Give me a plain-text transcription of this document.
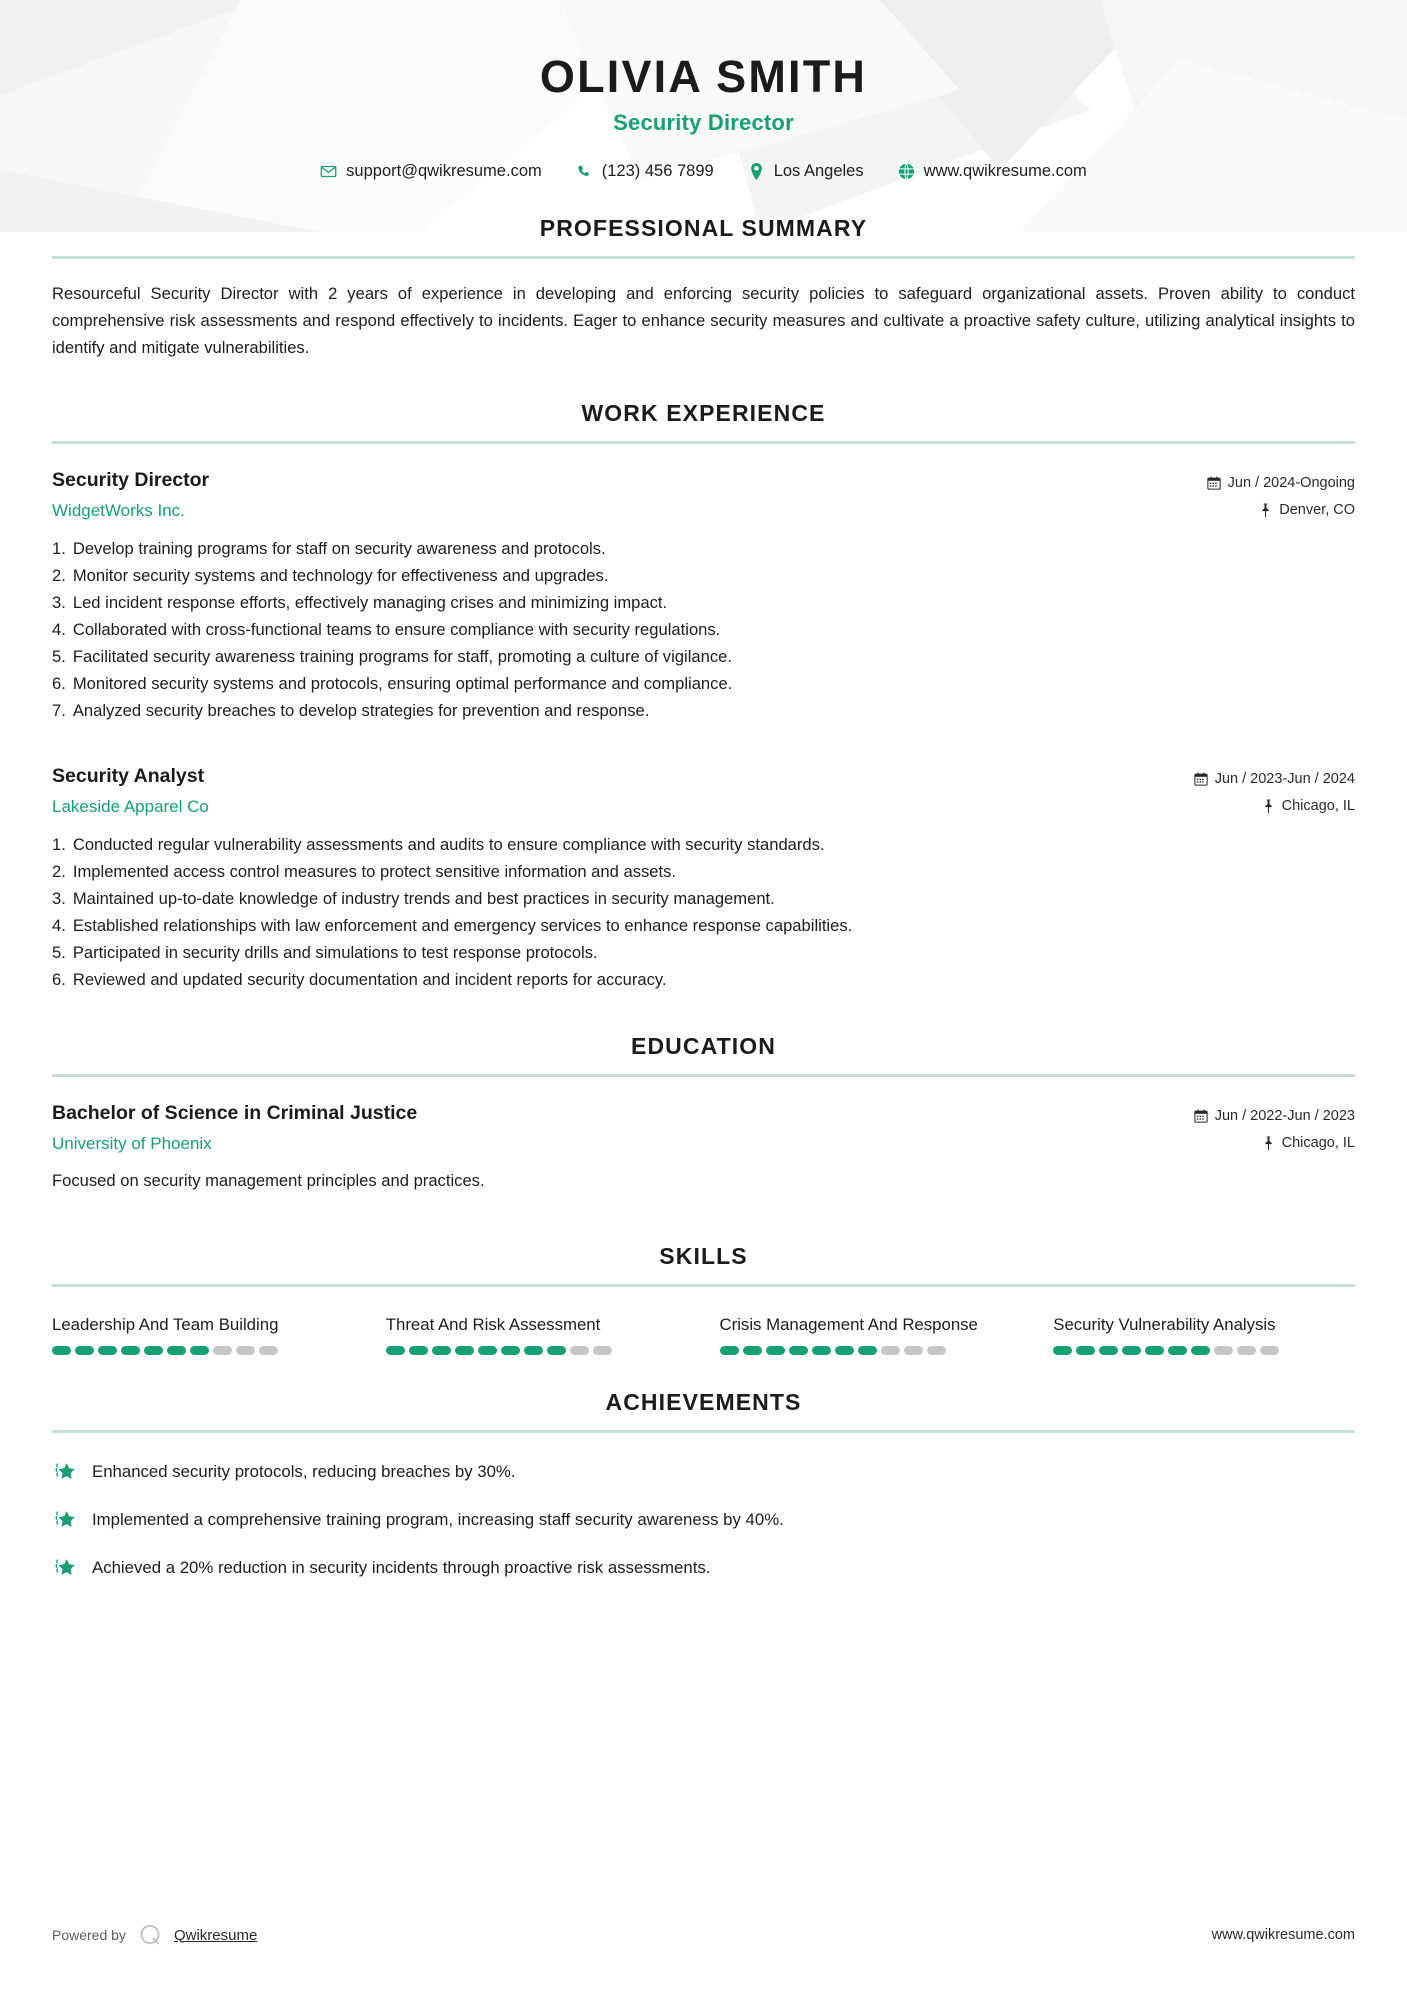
OLIVIA SMITH
Security Director
support@qwikresume.com	(123) 456 7899	Los Angeles	www.qwikresume.com
PROFESSIONAL SUMMARY
Resourceful Security Director with 2 years of experience in developing and enforcing security policies to safeguard organizational assets. Proven ability to conduct comprehensive risk assessments and respond effectively to incidents. Eager to enhance security measures and cultivate a proactive safety culture, utilizing analytical insights to identify and mitigate vulnerabilities.
WORK EXPERIENCE
Security Director
WidgetWorks Inc.
Jun / 2024-Ongoing
Denver, CO
1. Develop training programs for staff on security awareness and protocols.
2. Monitor security systems and technology for effectiveness and upgrades.
3. Led incident response efforts, effectively managing crises and minimizing impact.
4. Collaborated with cross-functional teams to ensure compliance with security regulations.
5. Facilitated security awareness training programs for staff, promoting a culture of vigilance.
6. Monitored security systems and protocols, ensuring optimal performance and compliance.
7. Analyzed security breaches to develop strategies for prevention and response.
Security Analyst
Lakeside Apparel Co
Jun / 2023-Jun / 2024
Chicago, IL
1. Conducted regular vulnerability assessments and audits to ensure compliance with security standards.
2. Implemented access control measures to protect sensitive information and assets.
3. Maintained up-to-date knowledge of industry trends and best practices in security management.
4. Established relationships with law enforcement and emergency services to enhance response capabilities.
5. Participated in security drills and simulations to test response protocols.
6. Reviewed and updated security documentation and incident reports for accuracy.
EDUCATION
Bachelor of Science in Criminal Justice
University of Phoenix
Jun / 2022-Jun / 2023
Chicago, IL
Focused on security management principles and practices.
SKILLS
Leadership And Team Building	Threat And Risk Assessment	Crisis Management And Response	Security Vulnerability Analysis
ACHIEVEMENTS
Enhanced security protocols, reducing breaches by 30%.
Implemented a comprehensive training program, increasing staff security awareness by 40%.
Achieved a 20% reduction in security incidents through proactive risk assessments.
Powered by	Qwikresume	www.qwikresume.com
